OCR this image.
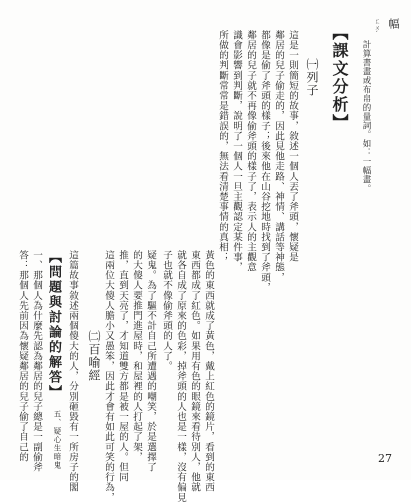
幅
ㄈㄨˊ
計算書畫或布帛的量詞。如：一幅畫。
【課文分析】
㈠列子
這是一則簡短的故事，敘述一個人丟了斧頭，懷疑是
鄰居的兒子偷走的，因此見他走路、神情、講話等神態，
都像是偷了斧頭的樣子；後來他在山谷挖地時找到了斧頭，
鄰居的兒子就不再像偷斧頭的樣子了，表示人的主觀意
識會影響到判斷，說明了一個人一旦主觀認定某件事，
所做的判斷常常是錯誤的，無法看清楚事情的真相；
黃色的東西就成了黃色，戴上紅色的鏡片，看到的東西
東西都成了紅色。如果用有色的眼鏡來看待別人，他就
就各自成了原來的色彩，掉斧頭的人也是一樣，沒有偏見
子也就不像偷斧頭的人了。
㈡百喻經
這篇故事敘述兩個傻大的人，分別砸毀有一所房子的閣	疑鬼。為了驅不計自己所遭遇的嘲笑，於是選擇了
的大傻人要推門進屋時，和屋裡的人打起了架，
推，直到天亮了，才知道雙方都是被一屋的人。但同
這兩位大傻人膽小又愚笨，因此才會有如此可笑的行為，
【問題與討論的解答】
一、那個人為什麼先認為鄰居的兒子總是一副偷斧
答：那個人先前因為懷疑鄰居的兒子偷了自己的	五、疑心生暗鬼	27
